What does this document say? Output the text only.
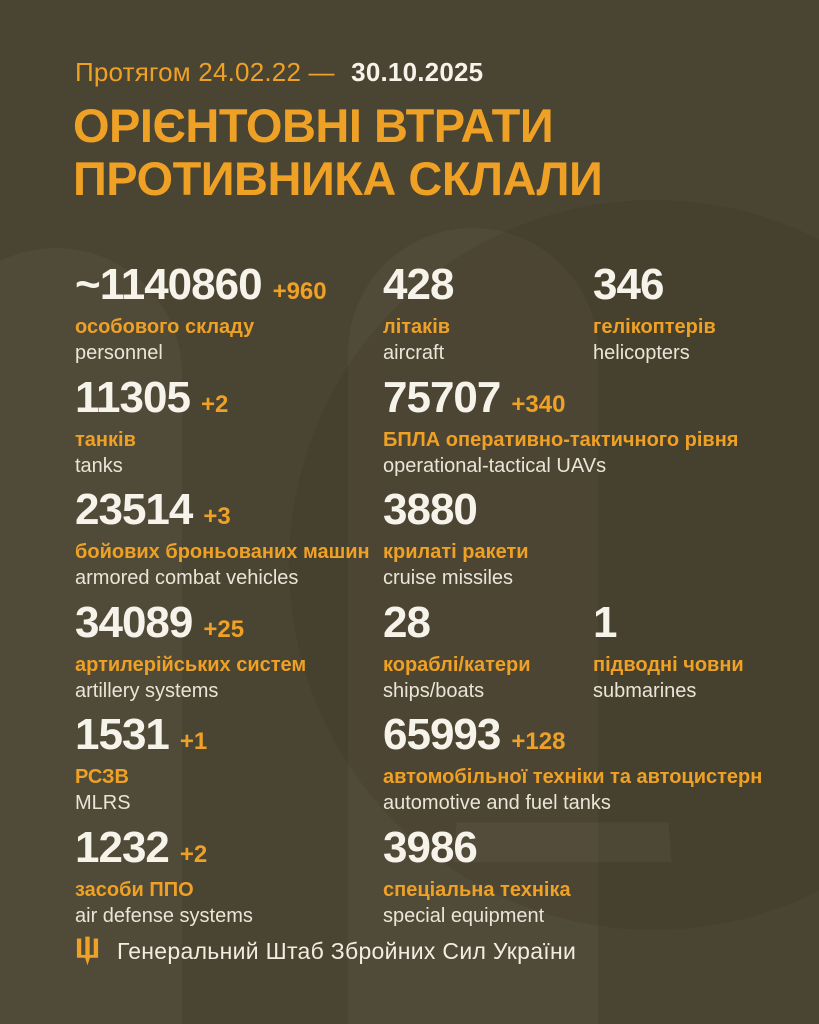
Протягом 24.02.22 — 30.10.2025
ОРІЄНТОВНІ ВТРАТИ
ПРОТИВНИКА СКЛАЛИ
~1140860 +960
особового складу
personnel
428
літаків
aircraft
346
гелікоптерів
helicopters
11305 +2
танків
tanks
75707 +340
БПЛА оперативно-тактичного рівня
operational-tactical UAVs
23514 +3
бойових броньованих машин
armored combat vehicles
3880
крилаті ракети
cruise missiles
34089 +25
артилерійських систем
artillery systems
28
кораблі/катери
ships/boats
1
підводні човни
submarines
1531 +1
РСЗВ
MLRS
65993 +128
автомобільної техніки та автоцистерн
automotive and fuel tanks
1232 +2
засоби ППО
air defense systems
3986
спеціальна техніка
special equipment
Генеральний Штаб Збройних Сил України
